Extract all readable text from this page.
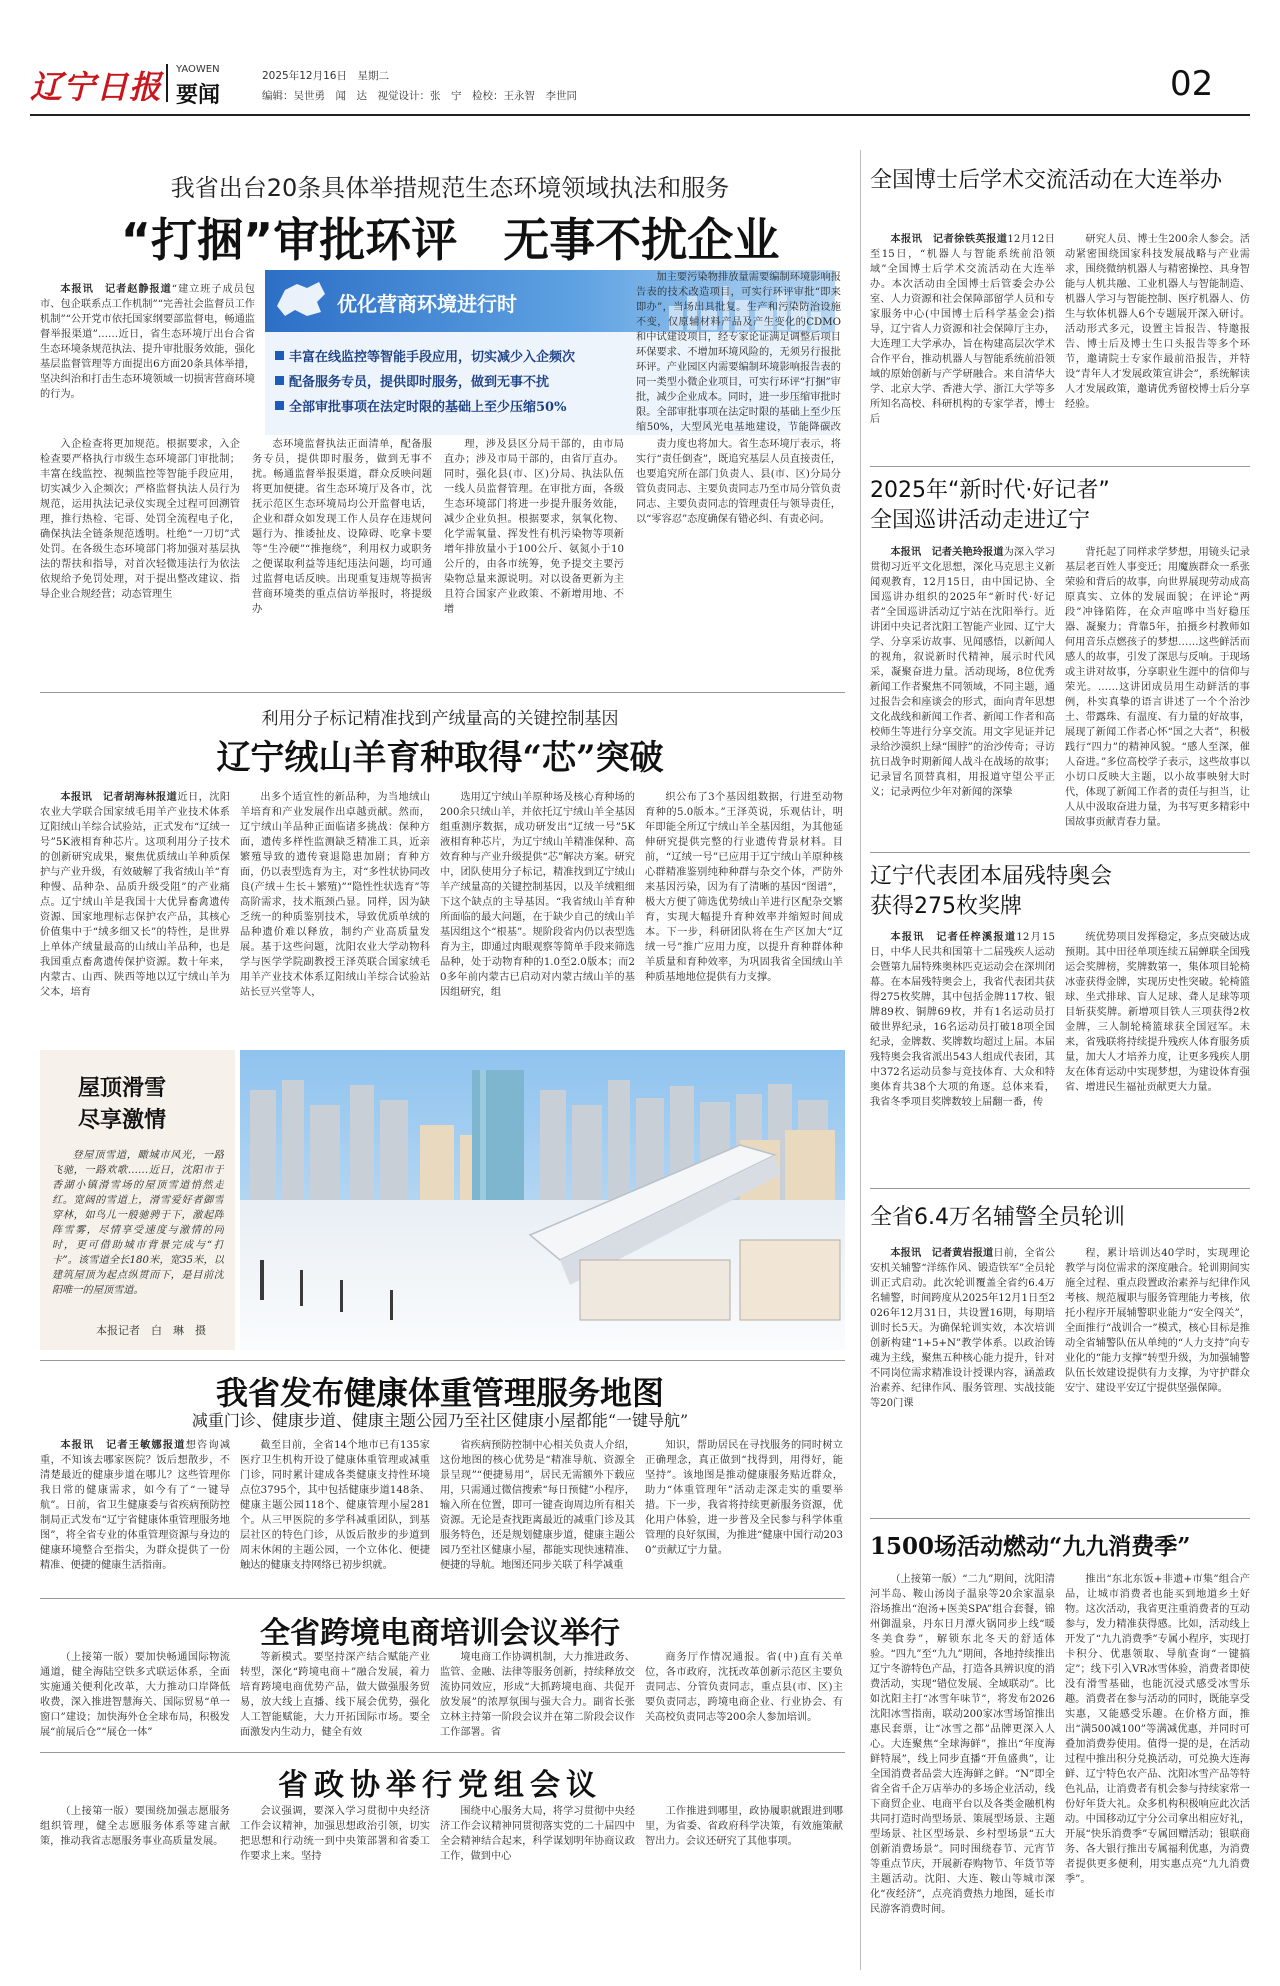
辽宁日报 YAOWEN
要闻
2025年12月16日　星期二
编辑：吴世勇　闻　达　视觉设计：张　宁　检校：王永智　李世同	02
我省出台20条具体举措规范生态环境领域执法和服务
“打捆”审批环评　无事不扰企业

本报讯　记者赵静报道“建立班子成员包市、包企联系点工作机制”“完善社会监督员工作机制”“公开党市依托国家纲要部监督电，畅通监督举报渠道”……近日，省生态环境厅出台合省生态环境条规范执法、提升审批服务效能，强化基层监督管理等方面提出6方面20条具体举措，坚决纠治和打击生态环境领域一切损害营商环境的行为。

优化营商环境进行时
丰富在线监控等智能手段应用，切实减少入企频次
配备服务专员，提供即时服务，做到无事不扰
全部审批事项在法定时限的基础上至少压缩50%

入企检查将更加规范。根据要求，入企检查要严格执行市级生态环境部门审批制；丰富在线监控、视频监控等智能手段应用，切实减少入企频次；严格监督执法人员行为规范，运用执法记录仪实现全过程可回溯管理，推行热检、宅哥、处罚全流程电子化，确保执法全链条规范透明。杜绝“一刀切”式处罚。在各级生态环境部门将加强对基层执法的帮扶和指导，对首次轻微违法行为依法依规给予免罚处理，对于提出整改建议、指导企业合规经营；动态管理生

态环境监督执法正面清单，配备服务专员，提供即时服务，做到无事不扰。畅通监督举报渠道，群众反映问题将更加便捷。省生态环境厅及各市，沈抚示范区生态环境局均公开监督电话，企业和群众如发现工作人员存在违规问题行为、推诿扯皮、设障碍、吃拿卡要等“生冷硬”“推拖绕”，利用权力或职务之便谋取利益等违纪违法问题，均可通过监督电话反映。出现重复违规等损害营商环境类的重点信访举报时，将提级办

理，涉及县区分局干部的，由市局直办；涉及市局干部的，由省厅直办。同时，强化县(市、区)分局、执法队伍一线人员监督管理。在审批方面，各级生态环境部门将进一步提升服务效能，减少企业负担。根据要求，氛氧化物、化学需氧量、挥发性有机污染物等项新增年排放量小于100公斤、氨氮小于10公斤的，由各市统筹，免予提交主要污染物总量来源说明。对以设备更新为主且符合国家产业政策、不新增用地、不增

加主要污染物排放量需要编制环境影响报告表的技术改造项目，可实行环评审批“即来即办”，当场出具批复。生产和污染防治设施不变，仅原辅材料产品及产生变化的CDMO和中试建设项目，经专家论证满足调整后项目环保要求、不增加环境风险的，无须另行报批环评。产业园区内需要编制环境影响报告表的同一类型小微企业项目，可实行环评“打捆”审批，减少企业成本。同时，进一步压缩审批时限。全部审批事项在法定时限的基础上至少压缩50%，大型风光电基地建设，节能降碳改

责力度也将加大。省生态环境厅表示，将实行“责任倒查”，既追究基层人员直接责任，也要追究所在部门负责人、县(市、区)分局分管负责同志、主要负责同志乃至市局分管负责同志、主要负责同志的管理责任与领导责任，以“零容忍”态度确保有错必纠、有责必问。

利用分子标记精准找到产绒量高的关键控制基因
辽宁绒山羊育种取得“芯”突破

本报讯　记者胡海林报道近日，沈阳农业大学联合国家绒毛用羊产业技术体系辽阳绒山羊综合试验站，正式发布“辽绒一号”5K液相育种芯片。这项利用分子技术的创新研究成果，聚焦优质绒山羊种质保护与产业升级，有效破解了我省绒山羊“育种慢、品种杂、品质升级受阻”的产业痛点。辽宁绒山羊是我国十大优异畜禽遗传资源、国家地理标志保护农产品，其核心价值集中于“绒多细又长”的特性，是世界上单体产绒量最高的山绒山羊品种，也是我国重点畜禽遗传保护资源。数十年来，内蒙古、山西、陕西等地以辽宁绒山羊为父本，培育

出多个适宜性的新品种，为当地绒山羊培育和产业发展作出卓越贡献。然而，辽宁绒山羊品种正面临诸多挑战：保种方面，遗传多样性监测缺乏精准工具，近亲繁殖导致的遗传衰退隐患加剧；育种方面，仍以表型选育为主，对“多性状协同改良(产绒＋生长＋繁殖)”“隐性性状选育”等高阶需求，技术瓶颈凸显。同样，因为缺乏统一的种质鉴别技术，导致优质单绒的品种遗价难以释放，制约产业高质量发展。基于这些问题，沈阳农业大学动物科学与医学学院副教授王泽英联合国家绒毛用羊产业技术体系辽阳绒山羊综合试验站站长豆兴堂等人，

选用辽宁绒山羊原种场及核心育种场的200余只绒山羊，并依托辽宁绒山羊全基因组重测序数据，成功研发出“辽绒一号”5K液相育种芯片，为辽宁绒山羊精准保种、高效育种与产业升级提供“芯”解决方案。研究中，团队使用分子标记，精准找到辽宁绒山羊产绒量高的关键控制基因，以及羊绒粗细下这个缺点的主导基因。“我省绒山羊育种所面临的最大问题，在于缺少自己的绒山羊基因组这个“根基”。规阶段省内仍以表型选育为主，即通过肉眼观察等简单手段来筛选品种，处于动物育种的1.0至2.0版本；而20多年前内蒙古已启动对内蒙古绒山羊的基因组研究，组

织公布了3个基因组数据，行进至动物育种的5.0版本。”王泽英说，乐观估计，明年即能全所辽宁绒山羊全基因组，为其他延伸研究提供完整的行业遗传背景材料。目前，“辽绒一号”已应用于辽宁绒山羊原种核心群精准鉴别纯种种群与杂交个体，严防外来基因污染，因为有了清晰的基因“图谱”，极大方便了筛选优势绒山羊进行区配杂交繁育，实现大幅提升育种效率并缩短时间成本。下一步，科研团队将在生产区加大“辽绒一号”推广应用力度，以提升育种群体种羊质量和育种效率，为巩固我省全国绒山羊种质基地地位提供有力支撑。

屋顶滑雪
尽享激情

登屋顶雪道，瞰城市风光，一路飞驰，一路欢歌……近日，沈阳市于香湖小镇滑雪场的屋顶雪道悄然走红。宽阔的雪道上，滑雪爱好者御雪穿林，如鸟儿一般驰骋于下，激起阵阵雪雾，尽情享受速度与激情的同时，更可借助城市背景完成与“打卡”。该雪道全长180米，宽35米，以建筑屋顶为起点纵贯而下，是目前沈阳唯一的屋顶雪道。

本报记者　白　琳　摄
我省发布健康体重管理服务地图
减重门诊、健康步道、健康主题公园乃至社区健康小屋都能“一键导航”

本报讯　记者王敏娜报道想咨询减重，不知该去哪家医院？饭后想散步，不清楚最近的健康步道在哪儿？这些管理你我日常的健康需求，如今有了“一键导航”。日前，省卫生健康委与省疾病预防控制局正式发布“辽宁省健康体重管理服务地图”，将全省专业的体重管理资源与身边的健康环境整合至指尖，为群众提供了一份精准、便捷的健康生活指南。

截至目前，全省14个地市已有135家医疗卫生机构开设了健康体重管理或减重门诊，同时累计建成各类健康支持性环境点位3795个，其中包括健康步道148条、健康主题公园118个、健康管理小屋281个。从三甲医院的多学科减重团队，到基层社区的特色门诊，从饭后散步的步道到周末休闲的主题公园，一个立体化、便捷触达的健康支持网络已初步织就。

省疾病预防控制中心相关负责人介绍，这份地图的核心优势是“精准导航、资源全景呈现”“便捷易用”，居民无需额外下载应用，只需通过微信搜索“每日预健”小程序，输入所在位置，即可一键查询周边所有相关资源。无论是查找距离最近的减重门诊及其服务特色，还是规划健康步道，健康主题公园乃至社区健康小屋，都能实现快速精准、便捷的导航。地图还同步关联了科学减重

知识，帮助居民在寻找服务的同时树立正确理念，真正做到“找得到，用得好，能坚持”。该地图是推动健康服务贴近群众，助力“体重管理年”活动走深走实的重要举措。下一步，我省将持续更新服务资源，优化用户体验，进一步普及全民参与科学体重管理的良好氛围，为推进“健康中国行动2030”贡献辽宁力量。

全省跨境电商培训会议举行

（上接第一版）要加快畅通国际物流通道，健全海陆空铁多式联运体系，全面实施通关便利化改革，大力推动口岸降低收费，深入推进智慧海关、国际贸易“单一窗口”建设；加快海外仓全球布局，积极发展“前展后仓”“展仓一体”

等新模式。要坚持深产结合赋能产业转型，深化“跨境电商＋”融合发展，着力培育跨境电商优势产品，做大做强服务贸易，放大线上直播、线下展会优势，强化人工智能赋能，大力开拓国际市场。要全面激发内生动力，健全有效

境电商工作协调机制，大力推进政务、监管、金融、法律等服务创新，持续释放交流协同效应，形成“大抓跨境电商、共促开放发展”的浓厚氛围与强大合力。副省长张立林主持第一阶段会议并在第二阶段会议作工作部署。省

商务厅作情况通报。省(中)直有关单位，各市政府，沈抚改革创新示范区主要负责同志、分管负责同志，重点县(市、区)主要负责同志，跨境电商企业、行业协会、有关高校负责同志等200余人参加培训。

省政协举行党组会议

（上接第一版）要围绕加强志愿服务组织管理，健全志愿服务体系等建言献策，推动我省志愿服务事业高质量发展。

会议强调，要深入学习贯彻中央经济工作会议精神，加强思想政治引领，切实把思想和行动统一到中央策部署和省委工作要求上来。坚持

围绕中心服务大局，将学习贯彻中央经济工作会议精神同贯彻落实党的二十届四中全会精神结合起来，科学谋划明年协商议政工作，做到中心

工作推进到哪里，政协履职就跟进到哪里，为省委、省政府科学决策，有效施策献智出力。会议还研究了其他事项。

全国博士后学术交流活动在大连举办

本报讯　记者徐铁英报道12月12日至15日，“机器人与智能系统前沿领域”全国博士后学术交流活动在大连举办。本次活动由全国博士后管委会办公室、人力资源和社会保障部留学人员和专家服务中心(中国博士后科学基金会)指导，辽宁省人力资源和社会保障厅主办，大连理工大学承办，旨在构建高层次学术合作平台，推动机器人与智能系统前沿领域的原始创新与产学研融合。来自清华大学、北京大学、香港大学、浙江大学等多所知名高校、科研机构的专家学者，博士后

研究人员、博士生200余人参会。活动紧密围绕国家科技发展战略与产业需求，围绕微纳机器人与精密操控、具身智能与人机共融、工业机器人与智能制造、机器人学习与智能控制、医疗机器人、仿生与软体机器人6个专题展开深入研讨。活动形式多元，设置主旨报告、特邀报告、博士后及博士生口头报告等多个环节，邀请院士专家作最前沿报告，并特设“青年人才发展政策宣讲会”，系统解读人才发展政策，邀请优秀留校博士后分享经验。

2025年“新时代·好记者”
全国巡讲活动走进辽宁

本报讯　记者关艳玲报道为深入学习贯彻习近平文化思想，深化马克思主义新闻观教育，12月15日，由中国记协、全国巡讲办组织的2025年“新时代·好记者”全国巡讲活动辽宁站在沈阳举行。近讲团中央记者沈阳工智能产业园、辽宁大学、分享采访故事、见闻感悟，以新闻人的视角，叙说新时代精神，展示时代风采，凝聚奋进力量。活动现场，8位优秀新闻工作者聚焦不同领域，不同主题，通过报告会和座谈会的形式，面向青年思想文化战线和新闻工作者、新闻工作者和高校师生等进行分享交流。用文字见证并记录给沙漠织上绿“围脖”的治沙传奇；寻访抗日战争时期新闻人战斗在战场的故事；记录冒名顶替真相，用报道守望公平正义；记录两位少年对新闻的深挚

背托起了同样求学梦想，用镜头记录基层老百姓人事变迁；用魔族群众一系张荣验和背后的故事，向世界展现劳动成高原真实、立体的发展面貌；在评论“两段”冲锋陷阵，在众声喧哗中当好稳压器、凝聚力；背靠5年，拍摄乡村教师如何用音乐点燃孩子的梦想……这些鲜活而感人的故事，引发了深思与反响。于现场或主讲对故事，分享职业生涯中的信仰与荣光。……这讲团成员用生动鲜活的事例，朴实真挚的语言讲述了一个个治沙土、带露珠、有温度、有力量的好故事，展现了新闻工作者心怀“国之大者”，积极践行“四力”的精神风貌。“感人至深，催人奋进。”多位高校学子表示，这些故事以小切口反映大主题，以小故事映射大时代，体现了新闻工作者的责任与担当，让人从中汲取奋进力量，为书写更多精彩中国故事贡献青春力量。

辽宁代表团本届残特奥会
获得275枚奖牌

本报讯　记者任梓溪报道12月15日，中华人民共和国第十二届残疾人运动会暨第九届特殊奥林匹克运动会在深圳闭幕。在本届残特奥会上，我省代表团共获得275枚奖牌，其中包括金牌117枚、银牌89枚、铜牌69枚，并有1名运动员打破世界纪录，16名运动员打破18项全国纪录，金牌数、奖牌数均超过上届。本届残特奥会我省派出543人组成代表团，其中372名运动员参与竞技体育、大众和特奥体育共38个大项的角逐。总体来看，我省冬季项目奖牌数较上届翻一番，传

统优势项目发挥稳定，多点突破达成预期。其中田径单项连续五届蝉联全国残运会奖牌榜，奖牌数第一，集体项目轮椅冰壶获得金牌，实现历史性突破。轮椅篮球、坐式排球、盲人足球、聋人足球等项目斩获奖牌。新增项目铁人三项获得2枚金牌，三人制轮椅篮球获全国冠军。未来，省残联将持续提升残疾人体育服务质量，加大人才培养力度，让更多残疾人朋友在体育运动中实现梦想，为建设体育强省、增进民生福祉贡献更大力量。

全省6.4万名辅警全员轮训

本报讯　记者黄岩报道日前，全省公安机关辅警“洋练作风、锻造铁军”全员轮训正式启动。此次轮训覆盖全省约6.4万名辅警，时间跨度从2025年12月1日至2026年12月31日，共设置16期，每期培训时长5天。为确保轮训实效，本次培训创新构建“1+5+N”教学体系。以政治铸魂为主线，聚焦五种核心能力提升，针对不同岗位需求精准设计授课内容，涵盖政治素养、纪律作风、服务管理、实战技能等20门课

程，累计培训达40学时，实现理论教学与岗位需求的深度融合。轮训期间实施全过程、重点段置政治素养与纪律作风考核、规范履职与服务管理能力考核，依托小程序开展辅警职业能力“安全闯关”，全面推行“战训合一”模式，核心目标是推动全省辅警队伍从单纯的“人力支持”向专业化的“能力支撑”转型升级，为加强辅警队伍长效建设提供有力支撑，为守护群众安宁、建设平安辽宁提供坚强保障。

1500场活动燃动“九九消费季”

（上接第一版）“二九”期间，沈阳清河半岛、鞍山汤岗子温泉等20余家温泉浴场推出“泡汤+医美SPA”组合套餐，锦州御温泉，丹东日月潭火锅同步上线“暖冬美食券”，解锁东北冬天的舒适体验。“四九”至“九九”期间，各地持续推出辽宁冬游特色产品，打造各具辨识度的消费活动，实现“错位发展、全域联动”。比如沈阳主打“冰雪年味节”，将发布2026沈阳冰雪指南，联动200家冰雪场馆推出惠民套票，让“冰雪之都”品牌更深入人心。大连聚焦“全球海鲜”，推出“年度海鲜特展”，线上同步直播“开鱼盛典”，让全国消费者品尝大连海鲜之鲜。“N”即全省全省千企万店举办的多场企业活动，线下商贸企业、电商平台以及各类金融机构共同打造时尚型场景、策展型场景、主题型场景、社区型场景、乡村型场景“五大创新消费场景”。同时围绕春节、元宵节等重点节庆，开展新春购物节、年货节等主题活动。沈阳、大连、鞍山等城市深化“夜经济”，点亮消费热力地图，延长市民游客消费时间。

推出“东北东饭+非遗+市集”组合产品，让城市消费者也能买到地道乡土好物。这次活动，我省更注重消费者的互动参与，发力精准获得感。比如，活动线上开发了“九九消费季”专属小程序，实现打卡积分、优惠领取、导航查询“一键搞定”；线下引入VR冰雪体验，消费者即使没有滑雪基础，也能沉浸式感受冰雪乐趣。消费者在参与活动的同时，既能享受实惠，又能感受乐趣。在价格方面，推出“满500减100”等满减优惠，并同时可叠加消费券使用。值得一提的是，在活动过程中推出积分兑换活动，可兑换大连海鲜、辽宁特色农产品、沈阳冰雪产品等特色礼品，让消费者有机会参与持续家常一份好年货大礼。众多机构积极响应此次活动。中国移动辽宁分公司拿出相应好礼，开展“快乐消费季”专属回赠活动；银联商务、各大银行推出专属福利优惠，为消费者提供更多便利，用实惠点亮“九九消费季”。
